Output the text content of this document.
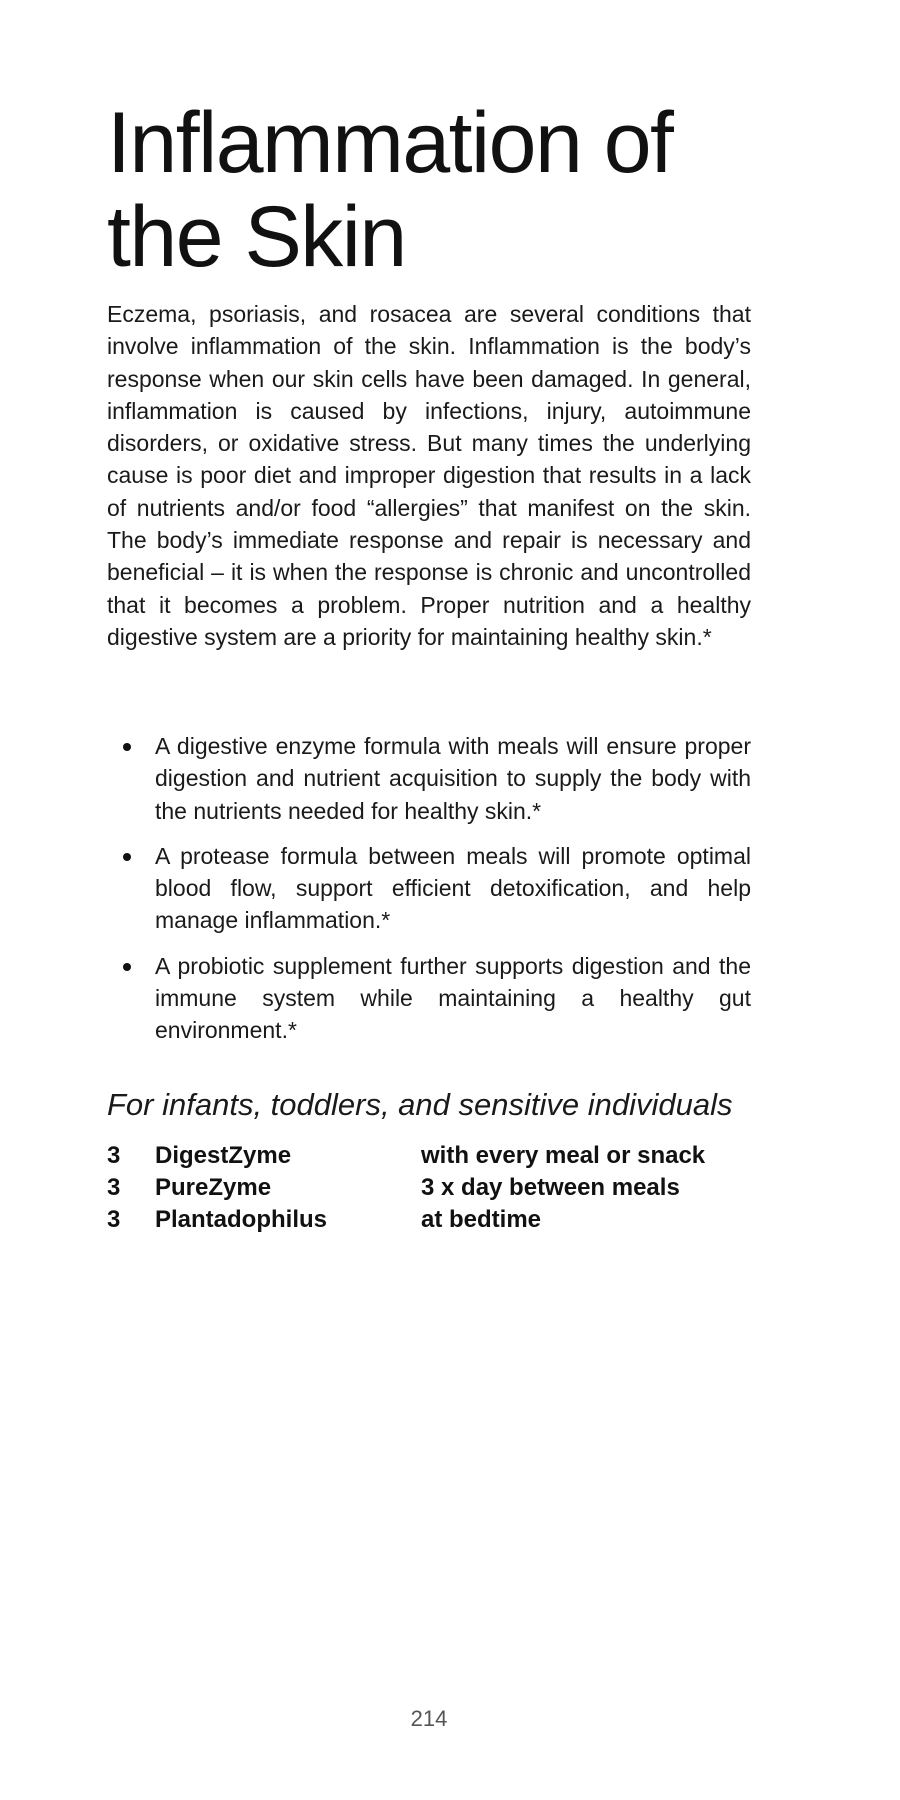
Inflammation of the Skin

Eczema, psoriasis, and rosacea are several conditions that involve inflammation of the skin. Inflammation is the body’s response when our skin cells have been damaged. In general, inflammation is caused by infections, injury, autoimmune disorders, or oxidative stress. But many times the underlying cause is poor diet and improper digestion that results in a lack of nutrients and/or food “allergies” that manifest on the skin. The body’s immediate response and repair is necessary and beneficial – it is when the response is chronic and uncontrolled that it becomes a problem. Proper nutrition and a healthy digestive system are a priority for maintaining healthy skin.*

A digestive enzyme formula with meals will ensure proper digestion and nutrient acquisition to supply the body with the nutrients needed for healthy skin.*
A protease formula between meals will promote optimal blood flow, support efficient detoxification, and help manage inflammation.*
A probiotic supplement further supports digestion and the immune system while maintaining a healthy gut environment.*
For infants, toddlers, and sensitive individuals
3	DigestZyme	with every meal or snack
3	PureZyme	3 x day between meals
3	Plantadophilus	at bedtime
214
